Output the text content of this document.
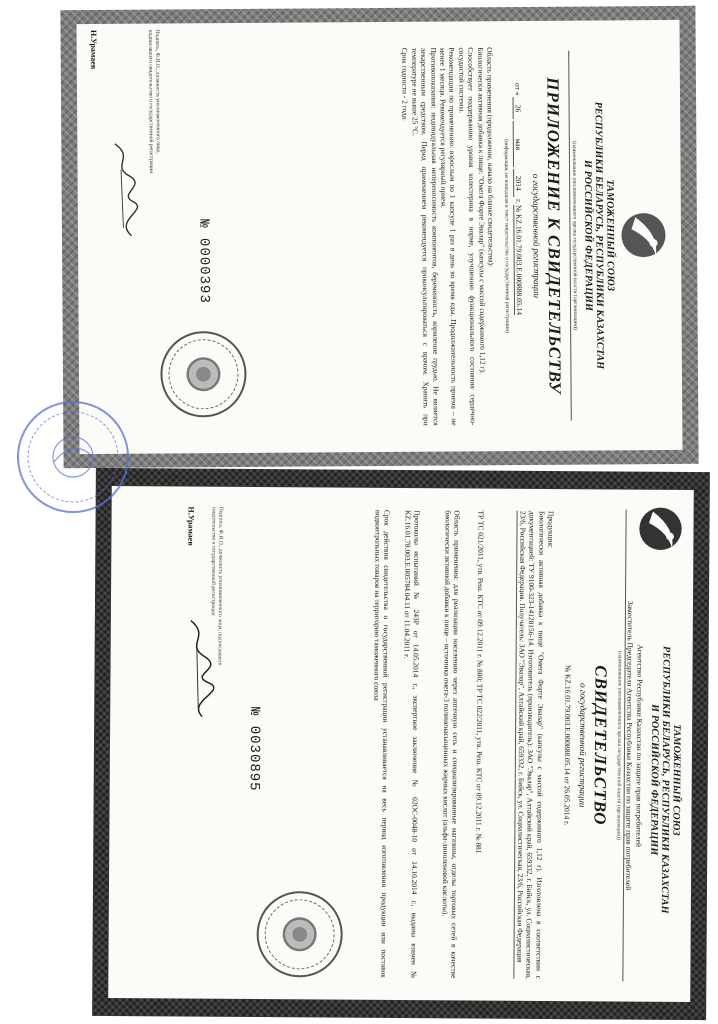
ТАМОЖЕННЫЙ СОЮЗ
РЕСПУБЛИКИ БЕЛАРУСЬ, РЕСПУБЛИКИ КАЗАХСТАН
И РОССИЙСКОЙ ФЕДЕРАЦИИ
(наименование уполномоченного органа государственной власти (организации))
ПРИЛОЖЕНИЕ К СВИДЕТЕЛЬСТВУ
о государственной регистрации
от « 26 мая 2014 г. № KZ.16.01.79.003.E.000888.05.14
(информация, не вошедшая в текст свидетельства о государственной регистрации)

Область применения (продолжение, начало на бланке свидетельства):

Биологически активная добавка к пище: "Омега Форте Эвалар" (капсулы с массой содержимого 1,12 г).

Способствует поддержанию уровня холестерина в норме, улучшению функционального состояния сердечно-сосудистой системы.

Рекомендации по применению: взрослым по 1 капсуле 1 раз в день во время еды. Продолжительность приема – не менее 1 месяца. Рекомендуется регулярный прием.

Противопоказания: индивидуальная непереносимость компонентов, беременность, кормление грудью. Не является лекарственным средством. Перед применением рекомендуется проконсультироваться с врачом. Хранить при температуре не выше 25 °С.

Срок годности - 2 года.

№ 0000393
Подпись, Ф.И.О., должность уполномоченного лица, подписавшего свидетельство о государственной регистрации
Н.Урамаев
ТАМОЖЕННЫЙ СОЮЗ
РЕСПУБЛИКИ БЕЛАРУСЬ, РЕСПУБЛИКИ КАЗАХСТАН
И РОССИЙСКОЙ ФЕДЕРАЦИИ
Агентство Республики Казахстан по защите прав потребителей
Заместитель Председателя Агентства Республики Казахстан по защите прав потребителей
(наименование уполномоченного органа государственной власти (организации))
СВИДЕТЕЛЬСТВО
о государственной регистрации
№ KZ.16.01.79.003.E.000888.05.14 от 26.05.2014 г.

Продукция:

Биологически активная добавка к пище "Омега Форте Эвалар" (капсулы с массой содержимого 1,12 г). Изготовлена в соответствии с документацией: ТУ 9100-323-14128156-14. Изготовитель (производитель): ЗАО "Эвалар", Алтайский край, 659332, г. Бийск, ул. Социалистическая, 23/6, Российская Федерация. Получатель: ЗАО "Эвалар", Алтайский край, 659332, г. Бийск, ул. Социалистическая, 23/6, Российская Федерация

ТР ТС 021/2011, утв. Реш. КТС от 09.12.2011 г. № 880; ТР ТС 022/2011, утв. Реш. КТС от 09.12.2011 г. № 881
Область применения: для реализации населению через аптечную сеть и специализированные магазины, отделы торговых сетей в качестве биологически активной добавки к пище – источника омега-3 полиненасыщенных жирных кислот (альфа-линоленовой кислоты).
Протоколы испытаний № 243Р от 14.05.2014 г., экспертное заключение № 02ОС-0048-10 от 14.10.2014 г., выданы взамен № KZ.16.01.78.003.E.005784.04.11 от 11.04.2011 г.
Срок действия свидетельства о государственной регистрации устанавливается на весь период изготовления продукции или поставок подконтрольных товаров на территорию таможенного союза
№ 0030895
Подпись, Ф.И.О., должность уполномоченного лица, подписавшего свидетельство о государственной регистрации
Н.Урамаев
